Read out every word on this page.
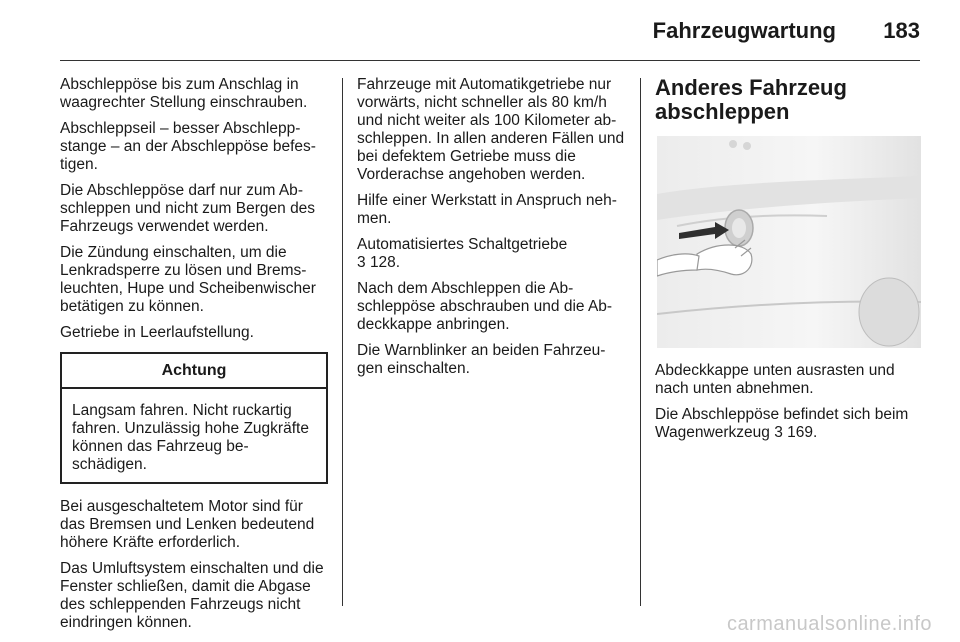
Fahrzeugwartung 183

Abschleppöse bis zum Anschlag in waagrechter Stellung einschrauben.

Abschleppseil – besser Abschleppstange – an der Abschleppöse befestigen.

Die Abschleppöse darf nur zum Abschleppen und nicht zum Bergen des Fahrzeugs verwendet werden.

Die Zündung einschalten, um die Lenkradsperre zu lösen und Bremsleuchten, Hupe und Scheibenwischer betätigen zu können.

Getriebe in Leerlaufstellung.

Achtung
Langsam fahren. Nicht ruckartig fahren. Unzulässig hohe Zugkräfte können das Fahrzeug beschädigen.

Bei ausgeschaltetem Motor sind für das Bremsen und Lenken bedeutend höhere Kräfte erforderlich.

Das Umluftsystem einschalten und die Fenster schließen, damit die Abgase des schleppenden Fahrzeugs nicht eindringen können.

Fahrzeuge mit Automatikgetriebe nur vorwärts, nicht schneller als 80 km/h und nicht weiter als 100 Kilometer abschleppen. In allen anderen Fällen und bei defektem Getriebe muss die Vorderachse angehoben werden.

Hilfe einer Werkstatt in Anspruch nehmen.

Automatisiertes Schaltgetriebe
3 128.

Nach dem Abschleppen die Abschleppöse abschrauben und die Abdeckkappe anbringen.

Die Warnblinker an beiden Fahrzeugen einschalten.

Anderes Fahrzeug abschleppen

Abdeckkappe unten ausrasten und nach unten abnehmen.

Die Abschleppöse befindet sich beim Wagenwerkzeug 3 169.

carmanualsonline.info
